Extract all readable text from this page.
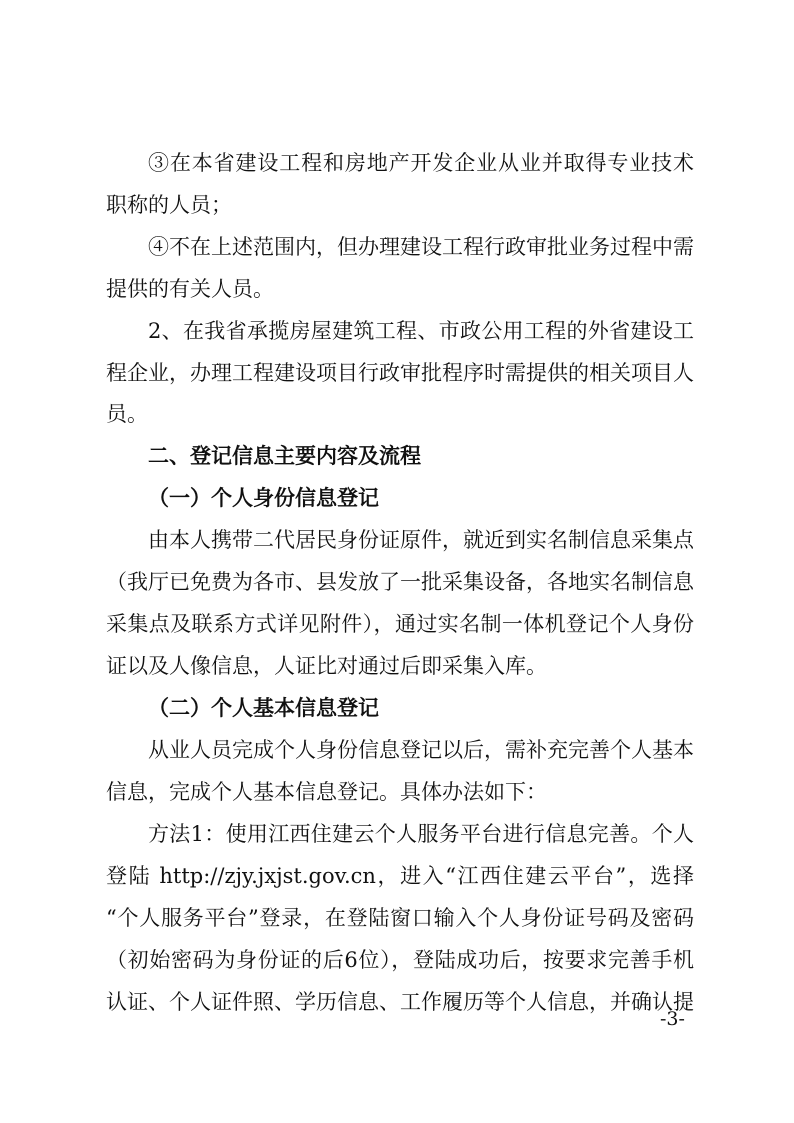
③在本省建设工程和房地产开发企业从业并取得专业技术
职称的人员；
④不在上述范围内，但办理建设工程行政审批业务过程中需
提供的有关人员。
2、在我省承揽房屋建筑工程、市政公用工程的外省建设工
程企业，办理工程建设项目行政审批程序时需提供的相关项目人
员。
二、登记信息主要内容及流程
（一）个人身份信息登记
由本人携带二代居民身份证原件，就近到实名制信息采集点
（我厅已免费为各市、县发放了一批采集设备，各地实名制信息
采集点及联系方式详见附件），通过实名制一体机登记个人身份
证以及人像信息，人证比对通过后即采集入库。
（二）个人基本信息登记
从业人员完成个人身份信息登记以后，需补充完善个人基本
信息，完成个人基本信息登记。具体办法如下：
方法1：使用江西住建云个人服务平台进行信息完善。个人
登陆 http://zjy.jxjst.gov.cn，进入“江西住建云平台”，选择
“个人服务平台”登录，在登陆窗口输入个人身份证号码及密码
（初始密码为身份证的后6位），登陆成功后，按要求完善手机
认证、个人证件照、学历信息、工作履历等个人信息，并确认提
-3-
